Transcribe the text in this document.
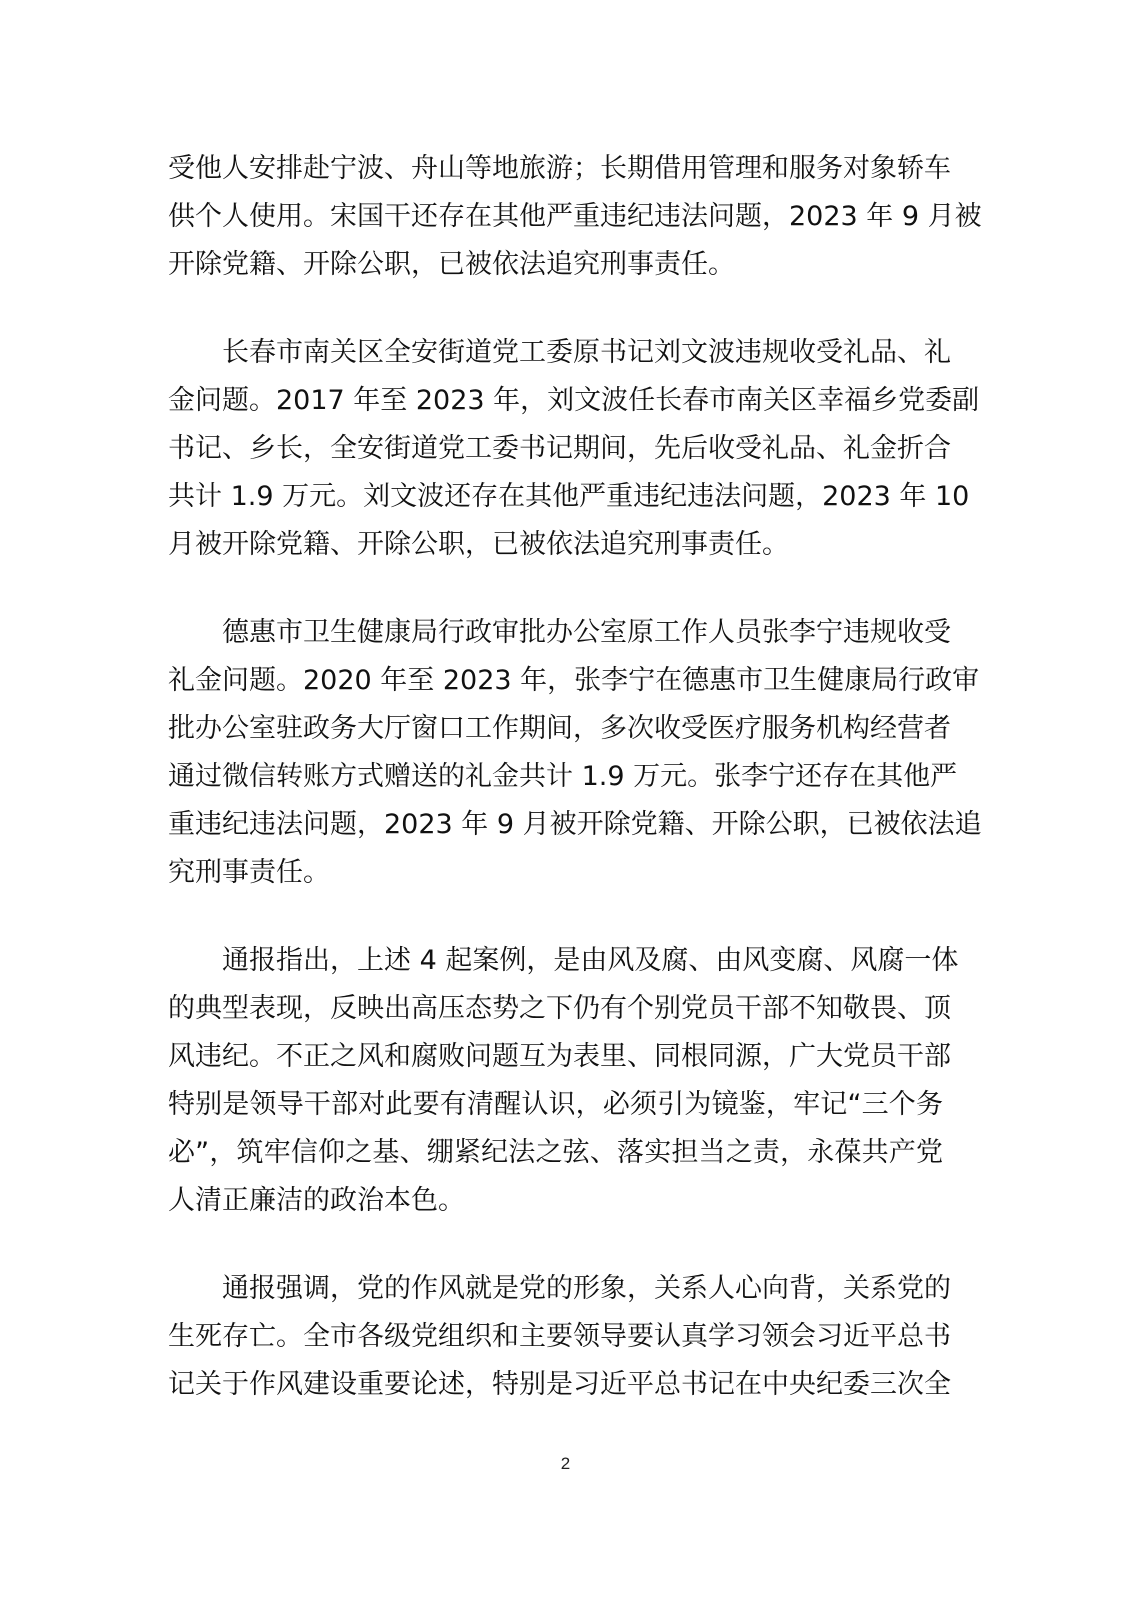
受他人安排赴宁波、舟山等地旅游；长期借用管理和服务对象轿车
供个人使用。宋国干还存在其他严重违纪违法问题，2023 年 9 月被
开除党籍、开除公职，已被依法追究刑事责任。
长春市南关区全安街道党工委原书记刘文波违规收受礼品、礼
金问题。2017 年至 2023 年，刘文波任长春市南关区幸福乡党委副
书记、乡长，全安街道党工委书记期间，先后收受礼品、礼金折合
共计 1.9 万元。刘文波还存在其他严重违纪违法问题，2023 年 10
月被开除党籍、开除公职，已被依法追究刑事责任。
德惠市卫生健康局行政审批办公室原工作人员张李宁违规收受
礼金问题。2020 年至 2023 年，张李宁在德惠市卫生健康局行政审
批办公室驻政务大厅窗口工作期间，多次收受医疗服务机构经营者
通过微信转账方式赠送的礼金共计 1.9 万元。张李宁还存在其他严
重违纪违法问题，2023 年 9 月被开除党籍、开除公职，已被依法追
究刑事责任。
通报指出，上述 4 起案例，是由风及腐、由风变腐、风腐一体
的典型表现，反映出高压态势之下仍有个别党员干部不知敬畏、顶
风违纪。不正之风和腐败问题互为表里、同根同源，广大党员干部
特别是领导干部对此要有清醒认识，必须引为镜鉴，牢记“三个务
必”，筑牢信仰之基、绷紧纪法之弦、落实担当之责，永葆共产党
人清正廉洁的政治本色。
通报强调，党的作风就是党的形象，关系人心向背，关系党的
生死存亡。全市各级党组织和主要领导要认真学习领会习近平总书
记关于作风建设重要论述，特别是习近平总书记在中央纪委三次全
2
